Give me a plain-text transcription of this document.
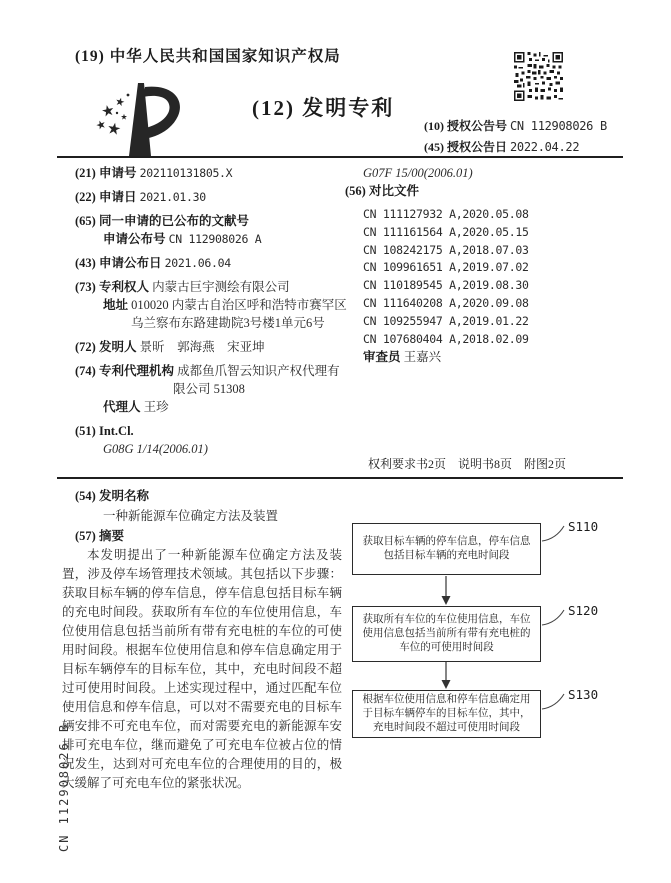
(19) 中华人民共和国国家知识产权局
(12) 发明专利
(10) 授权公告号 CN 112908026 B
(45) 授权公告日 2022.04.22

(21) 申请号 202110131805.X

(22) 申请日 2021.01.30

(65) 同一申请的已公布的文献号

申请公布号 CN 112908026 A

(43) 申请公布日 2021.06.04

(73) 专利权人 内蒙古巨宇测绘有限公司

地址 010020 内蒙古自治区呼和浩特市赛罕区乌兰察布东路建勘院3号楼1单元6号

(72) 发明人 景昕　郭海燕　宋亚坤

(74) 专利代理机构 成都鱼爪智云知识产权代理有限公司 51308

代理人 王珍

(51) Int.Cl.

G08G 1/14(2006.01)

G07F 15/00(2006.01)

(56) 对比文件

CN 111127932 A,2020.05.08

CN 111161564 A,2020.05.15

CN 108242175 A,2018.07.03

CN 109961651 A,2019.07.02

CN 110189545 A,2019.08.30

CN 111640208 A,2020.09.08

CN 109255947 A,2019.01.22

CN 107680404 A,2018.02.09

审查员 王嘉兴

权利要求书2页　说明书8页　附图2页

(54) 发明名称

一种新能源车位确定方法及装置

(57) 摘要

本发明提出了一种新能源车位确定方法及装置，涉及停车场管理技术领域。其包括以下步骤：获取目标车辆的停车信息，停车信息包括目标车辆的充电时间段。获取所有车位的车位使用信息，车位使用信息包括当前所有带有充电桩的车位的可使用时间段。根据车位使用信息和停车信息确定用于目标车辆停车的目标车位，其中，充电时间段不超过可使用时间段。上述实现过程中，通过匹配车位使用信息和停车信息，可以对不需要充电的目标车辆安排不可充电车位，而对需要充电的新能源车安排可充电车位，继而避免了可充电车位被占位的情况发生，达到对可充电车位的合理使用的目的，极大缓解了可充电车位的紧张状况。

获取目标车辆的停车信息，停车信息包括目标车辆的充电时间段
获取所有车位的车位使用信息，车位使用信息包括当前所有带有充电桩的车位的可使用时间段
根据车位使用信息和停车信息确定用于目标车辆停车的目标车位，其中，充电时间段不超过可使用时间段
S110
S120
S130
CN 112908026 B
